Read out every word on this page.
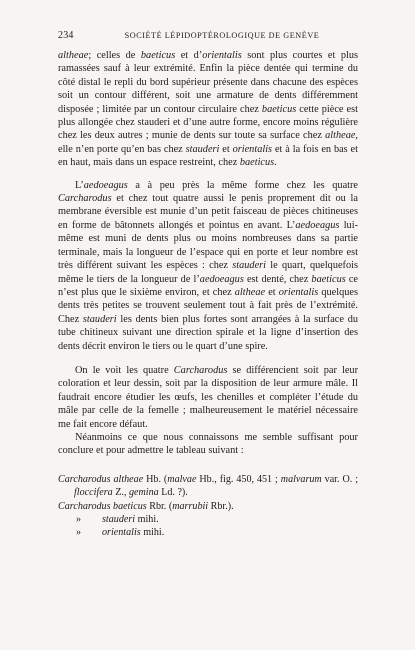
234	SOCIÉTÉ LÉPIDOPTÉROLOGIQUE DE GENÈVE

altheae; celles de baeticus et d’orientalis sont plus courtes et plus ramassées sauf à leur extrémité. Enfin la pièce dentée qui termine du côté distal le repli du bord supérieur présente dans chacune des espèces soit un contour différent, soit une armature de dents différemment disposée ; limitée par un contour circulaire chez baeticus cette pièce est plus allongée chez stauderi et d’une autre forme, encore moins régulière chez les deux autres ; munie de dents sur toute sa surface chez altheae, elle n’en porte qu’en bas chez stauderi et orientalis et à la fois en bas et en haut, mais dans un espace restreint, chez baeticus.

L’aedoeagus a à peu près la même forme chez les quatre Carcharodus et chez tout quatre aussi le penis proprement dit ou la membrane éversible est munie d’un petit faisceau de pièces chitineuses en forme de bâtonnets allongés et pointus en avant. L’aedoeagus lui-même est muni de dents plus ou moins nombreuses dans sa partie terminale, mais la longueur de l’espace qui en porte et leur nombre est très différent suivant les espèces : chez stauderi le quart, quelquefois même le tiers de la longueur de l’aedoeagus est denté, chez baeticus ce n’est plus que le sixième environ, et chez altheae et orientalis quelques dents très petites se trouvent seulement tout à fait près de l’extrémité. Chez stauderi les dents bien plus fortes sont arrangées à la surface du tube chitineux suivant une direction spirale et la ligne d’insertion des dents décrit environ le tiers ou le quart d’une spire.

On le voit les quatre Carcharodus se différencient soit par leur coloration et leur dessin, soit par la disposition de leur armure mâle. Il faudrait encore étudier les œufs, les chenilles et compléter l’étude du mâle par celle de la femelle ; malheureusement le matériel nécessaire me fait encore défaut.

Néanmoins ce que nous connaissons me semble suffisant pour conclure et pour admettre le tableau suivant :

Carcharodus altheae Hb. (malvae Hb., fig. 450, 451 ; malvarum var. O. ; floccifera Z., gemina Ld. ?).
Carcharodus baeticus Rbr. (marrubii Rbr.).
» stauderi mihi.
» orientalis mihi.
